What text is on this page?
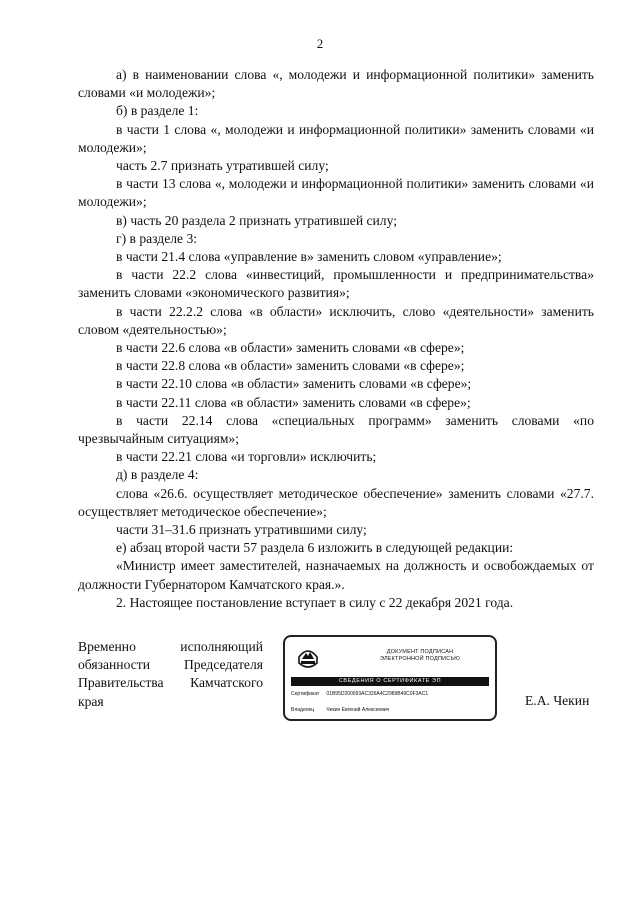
2

а) в наименовании слова «, молодежи и информационной политики» заменить словами «и молодежи»;

б) в разделе 1:

в части 1 слова «, молодежи и информационной политики» заменить словами «и молодежи»;

часть 2.7 признать утратившей силу;

в части 13 слова «, молодежи и информационной политики» заменить словами «и молодежи»;

в) часть 20 раздела 2 признать утратившей силу;

г) в разделе 3:

в части 21.4 слова «управление в» заменить словом «управление»;

в части 22.2 слова «инвестиций, промышленности и предпринимательства» заменить словами «экономического развития»;

в части 22.2.2 слова «в области» исключить, слово «деятельности» заменить словом «деятельностью»;

в части 22.6 слова «в области» заменить словами «в сфере»;

в части 22.8 слова «в области» заменить словами «в сфере»;

в части 22.10 слова «в области» заменить словами «в сфере»;

в части 22.11 слова «в области» заменить словами «в сфере»;

в части 22.14 слова «специальных программ» заменить словами «по чрезвычайным ситуациям»;

в части 22.21 слова «и торговли» исключить;

д) в разделе 4:

слова «26.6. осуществляет методическое обеспечение» заменить словами «27.7. осуществляет методическое обеспечение»;

части 31–31.6 признать утратившими силу;

е) абзац второй части 57 раздела 6 изложить в следующей редакции:

«Министр имеет заместителей, назначаемых на должность и освобождаемых от должности Губернатором Камчатского края.».

2. Настоящее постановление вступает в силу с 22 декабря 2021 года.

Временно исполняющий
обязанности Председателя
Правительства Камчатского
края
ДОКУМЕНТ ПОДПИСАН
ЭЛЕКТРОННОЙ ПОДПИСЬЮ
СВЕДЕНИЯ О СЕРТИФИКАТЕ ЭП
Сертификат 01B95D200093AC326A4C2989B49C0F3AC1
Владелец Чекин Евгений Алексеевич
Е.А. Чекин
